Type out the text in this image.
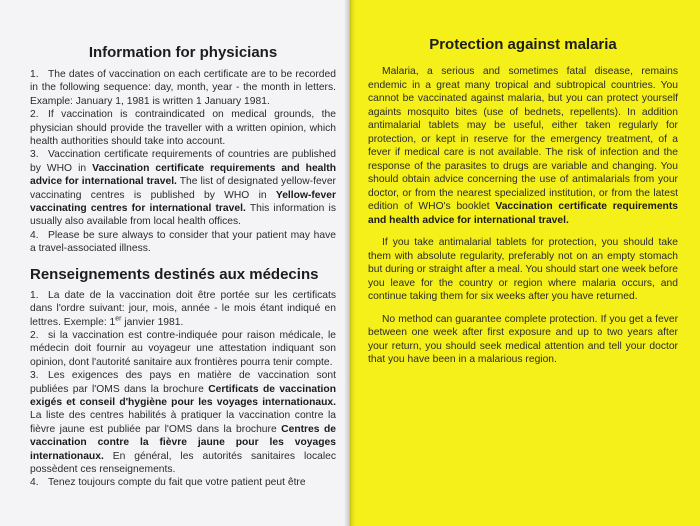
Information for physicians

1. The dates of vaccination on each certificate are to be recorded in the following sequence: day, month, year - the month in letters. Example: January 1, 1981 is written 1 January 1981.

2. If vaccination is contraindicated on medical grounds, the physician should provide the traveller with a written opinion, which health authorities should take into account.

3. Vaccination certificate requirements of countries are published by WHO in Vaccination certificate requirements and health advice for international travel. The list of designated yellow-fever vaccinating centres is published by WHO in Yellow-fever vaccinating centres for international travel. This information is usually also available from local health offices.

4. Please be sure always to consider that your patient may have a travel-associated illness.

Renseignements destinés aux médecins

1. La date de la vaccination doit être portée sur les certificats dans l'ordre suivant: jour, mois, année - le mois étant indiqué en lettres. Exemple: 1er janvier 1981.

2. si la vaccination est contre-indiquée pour raison médicale, le médecin doit fournir au voyageur une attestation indiquant son opinion, dont l'autorité sanitaire aux frontières pourra tenir compte.

3. Les exigences des pays en matière de vaccination sont publiées par l'OMS dans la brochure Certificats de vaccination exigés et conseil d'hygiène pour les voyages internationaux. La liste des centres habilités à pratiquer la vaccination contre la fièvre jaune est publiée par l'OMS dans la brochure Centres de vaccination contre la fièvre jaune pour les voyages internationaux. En général, les autorités sanitaires localec possèdent ces renseignements.

4. Tenez toujours compte du fait que votre patient peut être

Protection against malaria

Malaria, a serious and sometimes fatal disease, remains endemic in a great many tropical and subtropical countries. You cannot be vaccinated against malaria, but you can protect yourself againts mosquito bites (use of bednets, repellents). In addition antimalarial tablets may be useful, either taken regularly for protection, or kept in reserve for the emergency treatment, of a fever if medical care is not available. The risk of infection and the response of the parasites to drugs are variable and changing. You should obtain advice concerning the use of antimalarials from your doctor, or from the nearest specialized institution, or from the latest edition of WHO's booklet Vaccination certificate requirements and health advice for international travel.

If you take antimalarial tablets for protection, you should take them with absolute regularity, preferably not on an empty stomach but during or straight after a meal. You should start one week before you leave for the country or region where malaria occurs, and continue taking them for six weeks after you have returned.

No method can guarantee complete protection. If you get a fever between one week after first exposure and up to two years after your return, you should seek medical attention and tell your doctor that you have been in a malarious region.
